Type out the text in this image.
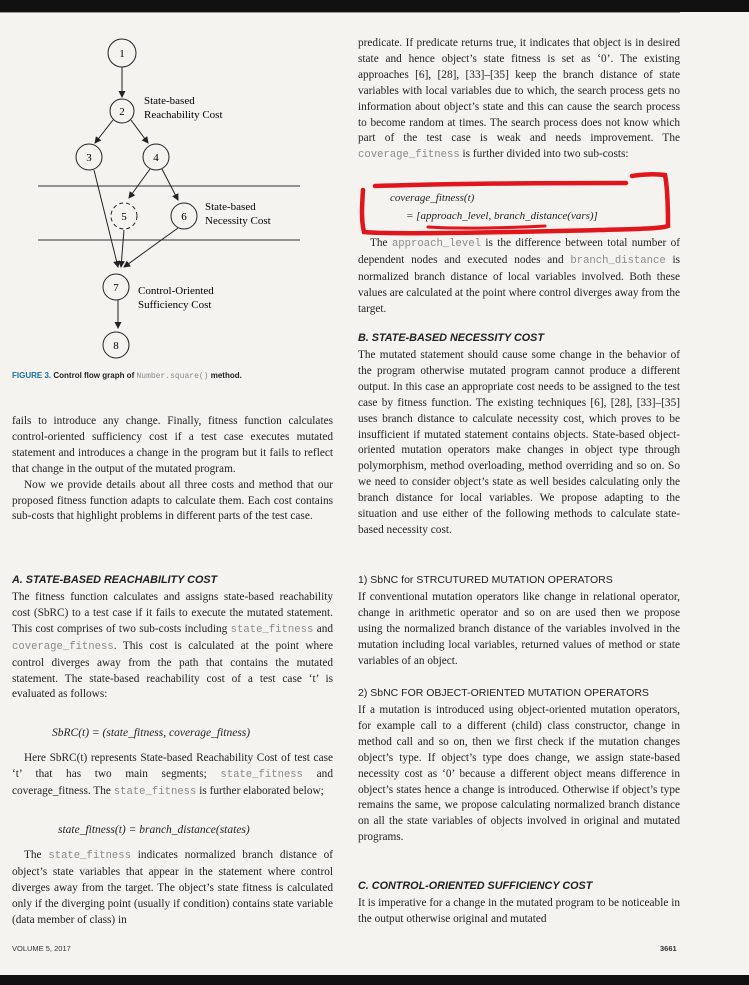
1
2
3	4
5	6
7
8
State-based
Reachability Cost
State-based
Necessity Cost
Control-Oriented
Sufficiency Cost
FIGURE 3. Control flow graph of Number.square() method.

fails to introduce any change. Finally, fitness function calculates control-oriented sufficiency cost if a test case executes mutated statement and introduces a change in the program but it fails to reflect that change in the output of the mutated program.

Now we provide details about all three costs and method that our proposed fitness function adapts to calculate them. Each cost contains sub-costs that highlight problems in different parts of the test case.

A. STATE-BASED REACHABILITY COST

The fitness function calculates and assigns state-based reachability cost (SbRC) to a test case if it fails to execute the mutated statement. This cost comprises of two sub-costs including state_fitness and coverage_fitness. This cost is calculated at the point where control diverges away from the path that contains the mutated statement. The state-based reachability cost of a test case ‘t’ is evaluated as follows:

SbRC(t) = (state_fitness, coverage_fitness)

Here SbRC(t) represents State-based Reachability Cost of test case ‘t’ that has two main segments; state_fitness and coverage_fitness. The state_fitness is further elaborated below;

state_fitness(t) = branch_distance(states)

The state_fitness indicates normalized branch distance of object’s state variables that appear in the statement where control diverges away from the target. The object’s state fitness is calculated only if the diverging point (usually if condition) contains state variable (data member of class) in

predicate. If predicate returns true, it indicates that object is in desired state and hence object’s state fitness is set as ‘0’. The existing approaches [6], [28], [33]–[35] keep the branch distance of state variables with local variables due to which, the search process gets no information about object’s state and this can cause the search process to become random at times. The search process does not know which part of the test case is weak and needs improvement. The coverage_fitness is further divided into two sub-costs:

coverage_fitness(t)
= [approach_level, branch_distance(vars)]

The approach_level is the difference between total number of dependent nodes and executed nodes and branch_distance is normalized branch distance of local variables involved. Both these values are calculated at the point where control diverges away from the target.

B. STATE-BASED NECESSITY COST

The mutated statement should cause some change in the behavior of the program otherwise mutated program cannot produce a different output. In this case an appropriate cost needs to be assigned to the test case by fitness function. The existing techniques [6], [28], [33]–[35] uses branch distance to calculate necessity cost, which proves to be insufficient if mutated statement contains objects. State-based object-oriented mutation operators make changes in object type through polymorphism, method overloading, method overriding and so on. So we need to consider object’s state as well besides calculating only the branch distance for local variables. We propose adapting to the situation and use either of the following methods to calculate state-based necessity cost.

1) SbNC for STRCUTURED MUTATION OPERATORS

If conventional mutation operators like change in relational operator, change in arithmetic operator and so on are used then we propose using the normalized branch distance of the variables involved in the mutation including local variables, returned values of method or state variables of an object.

2) SbNC FOR OBJECT-ORIENTED MUTATION OPERATORS

If a mutation is introduced using object-oriented mutation operators, for example call to a different (child) class constructor, change in method call and so on, then we first check if the mutation changes object’s type. If object’s type does change, we assign state-based necessity cost as ‘0’ because a different object means difference in object’s states hence a change is introduced. Otherwise if object’s type remains the same, we propose calculating normalized branch distance on all the state variables of objects involved in original and mutated programs.

C. CONTROL-ORIENTED SUFFICIENCY COST

It is imperative for a change in the mutated program to be noticeable in the output otherwise original and mutated

VOLUME 5, 2017	3661
